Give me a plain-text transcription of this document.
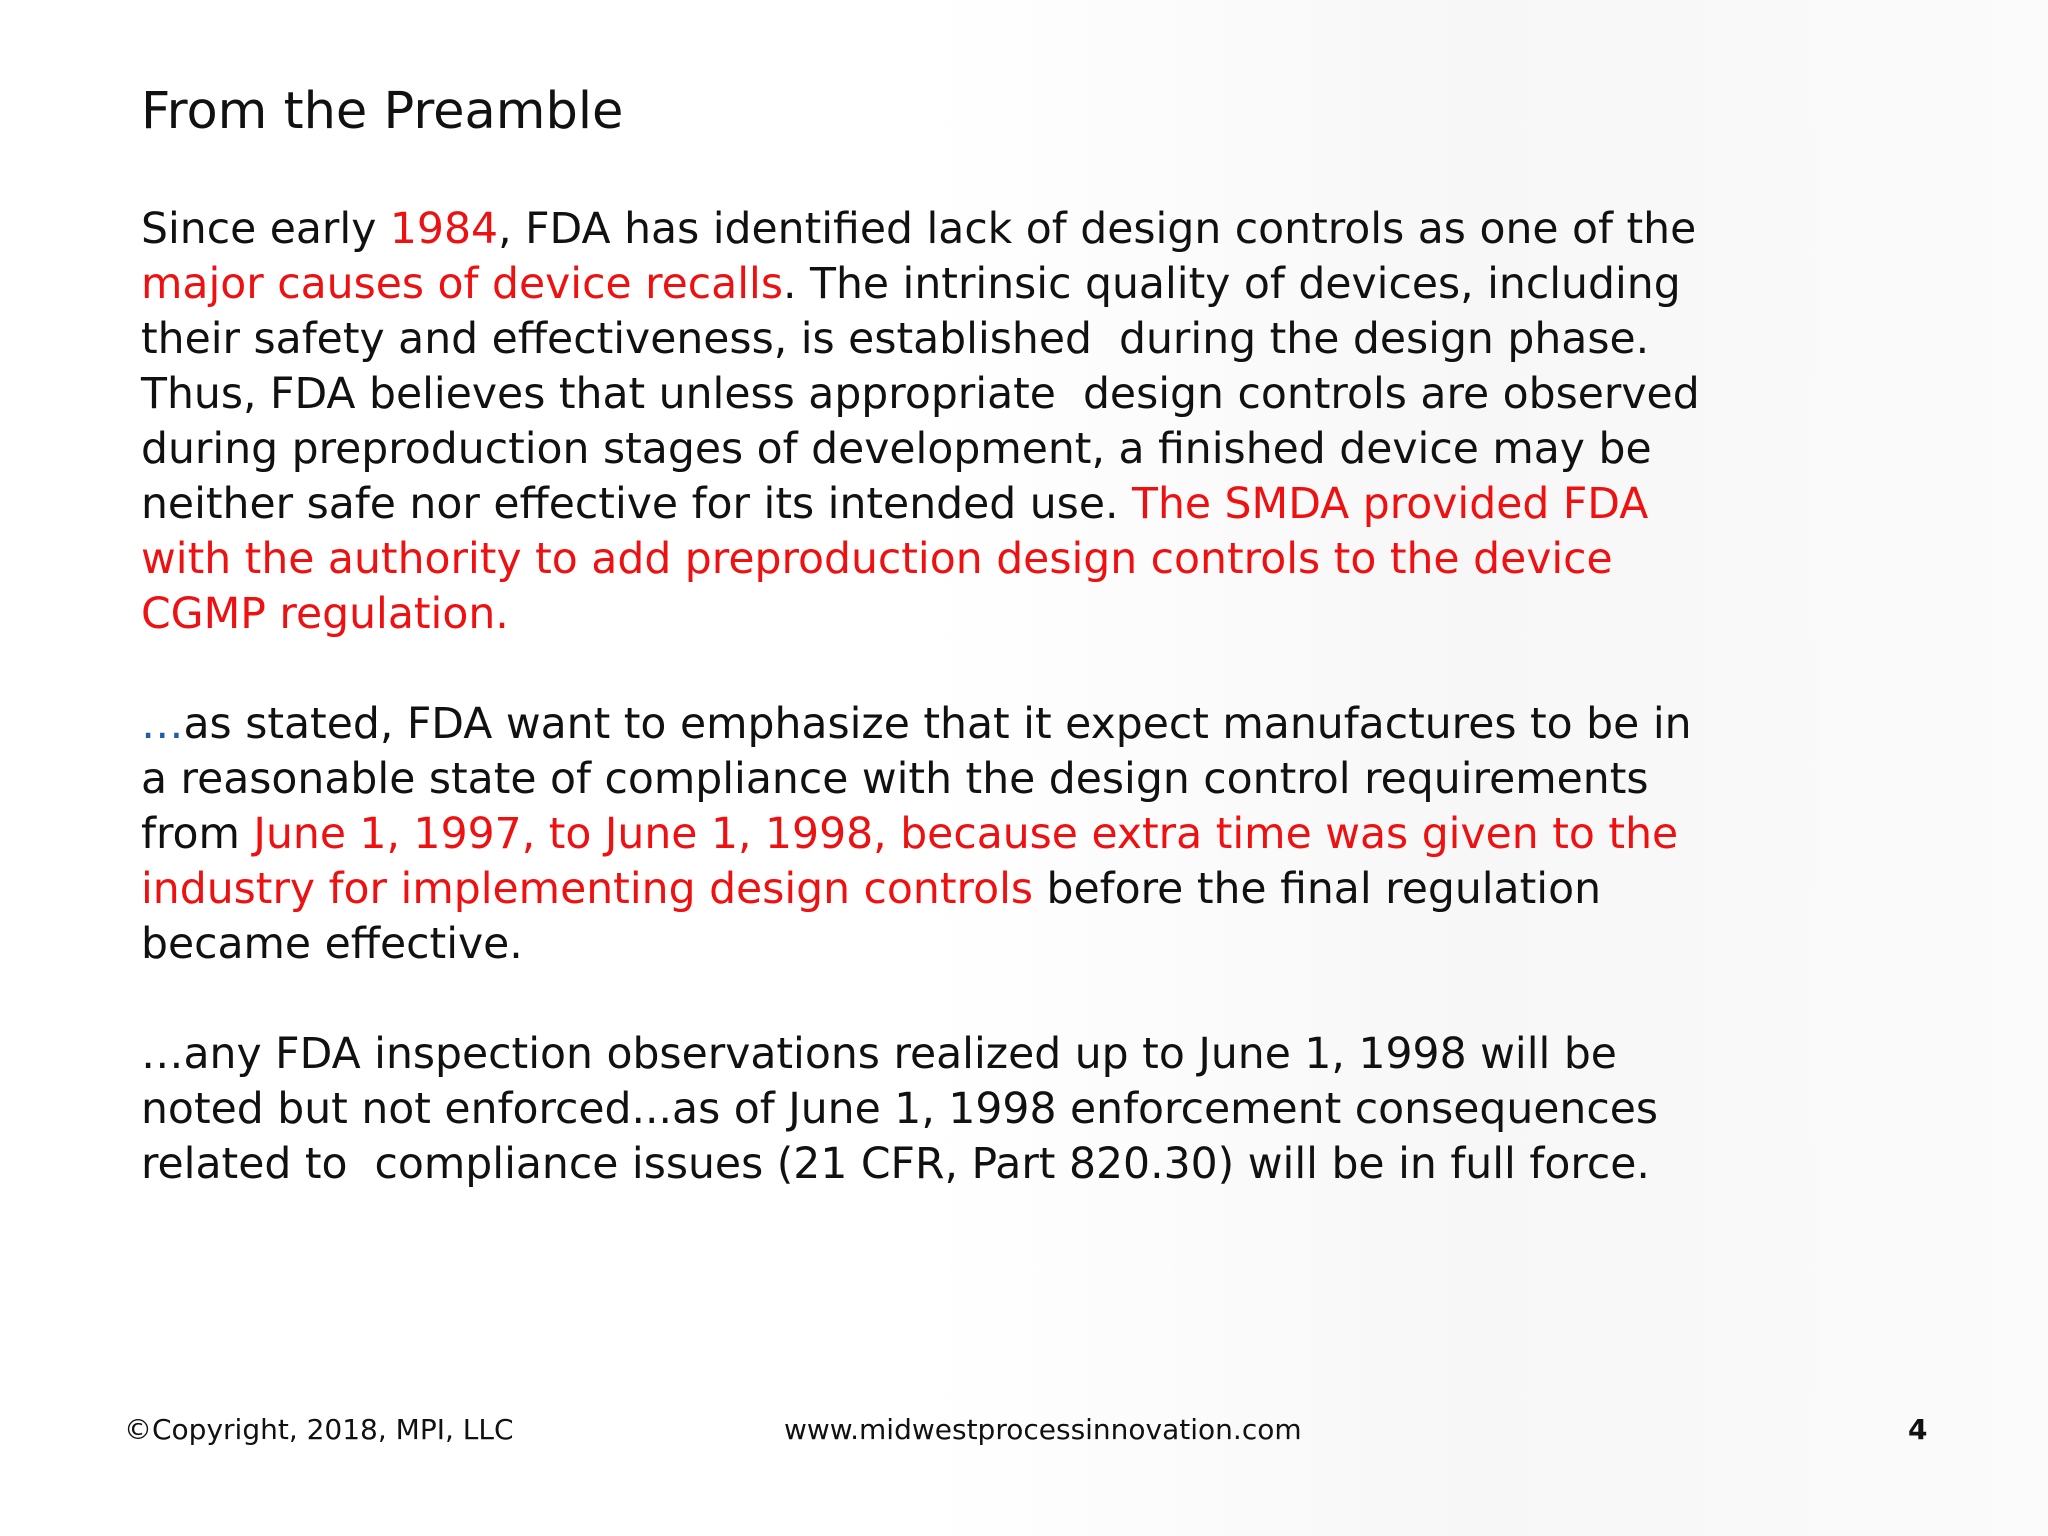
From the Preamble
Since early 1984, FDA has identified lack of design controls as one of the
major causes of device recalls. The intrinsic quality of devices, including
their safety and effectiveness, is established  during the design phase.
Thus, FDA believes that unless appropriate  design controls are observed
during preproduction stages of development, a finished device may be
neither safe nor effective for its intended use. The SMDA provided FDA
with the authority to add preproduction design controls to the device
CGMP regulation.
…as stated, FDA want to emphasize that it expect manufactures to be in
a reasonable state of compliance with the design control requirements
from June 1, 1997, to June 1, 1998, because extra time was given to the
industry for implementing design controls before the final regulation
became effective.
…any FDA inspection observations realized up to June 1, 1998 will be
noted but not enforced...as of June 1, 1998 enforcement consequences
related to  compliance issues (21 CFR, Part 820.30) will be in full force.
©Copyright, 2018, MPI, LLC	www.midwestprocessinnovation.com	4
